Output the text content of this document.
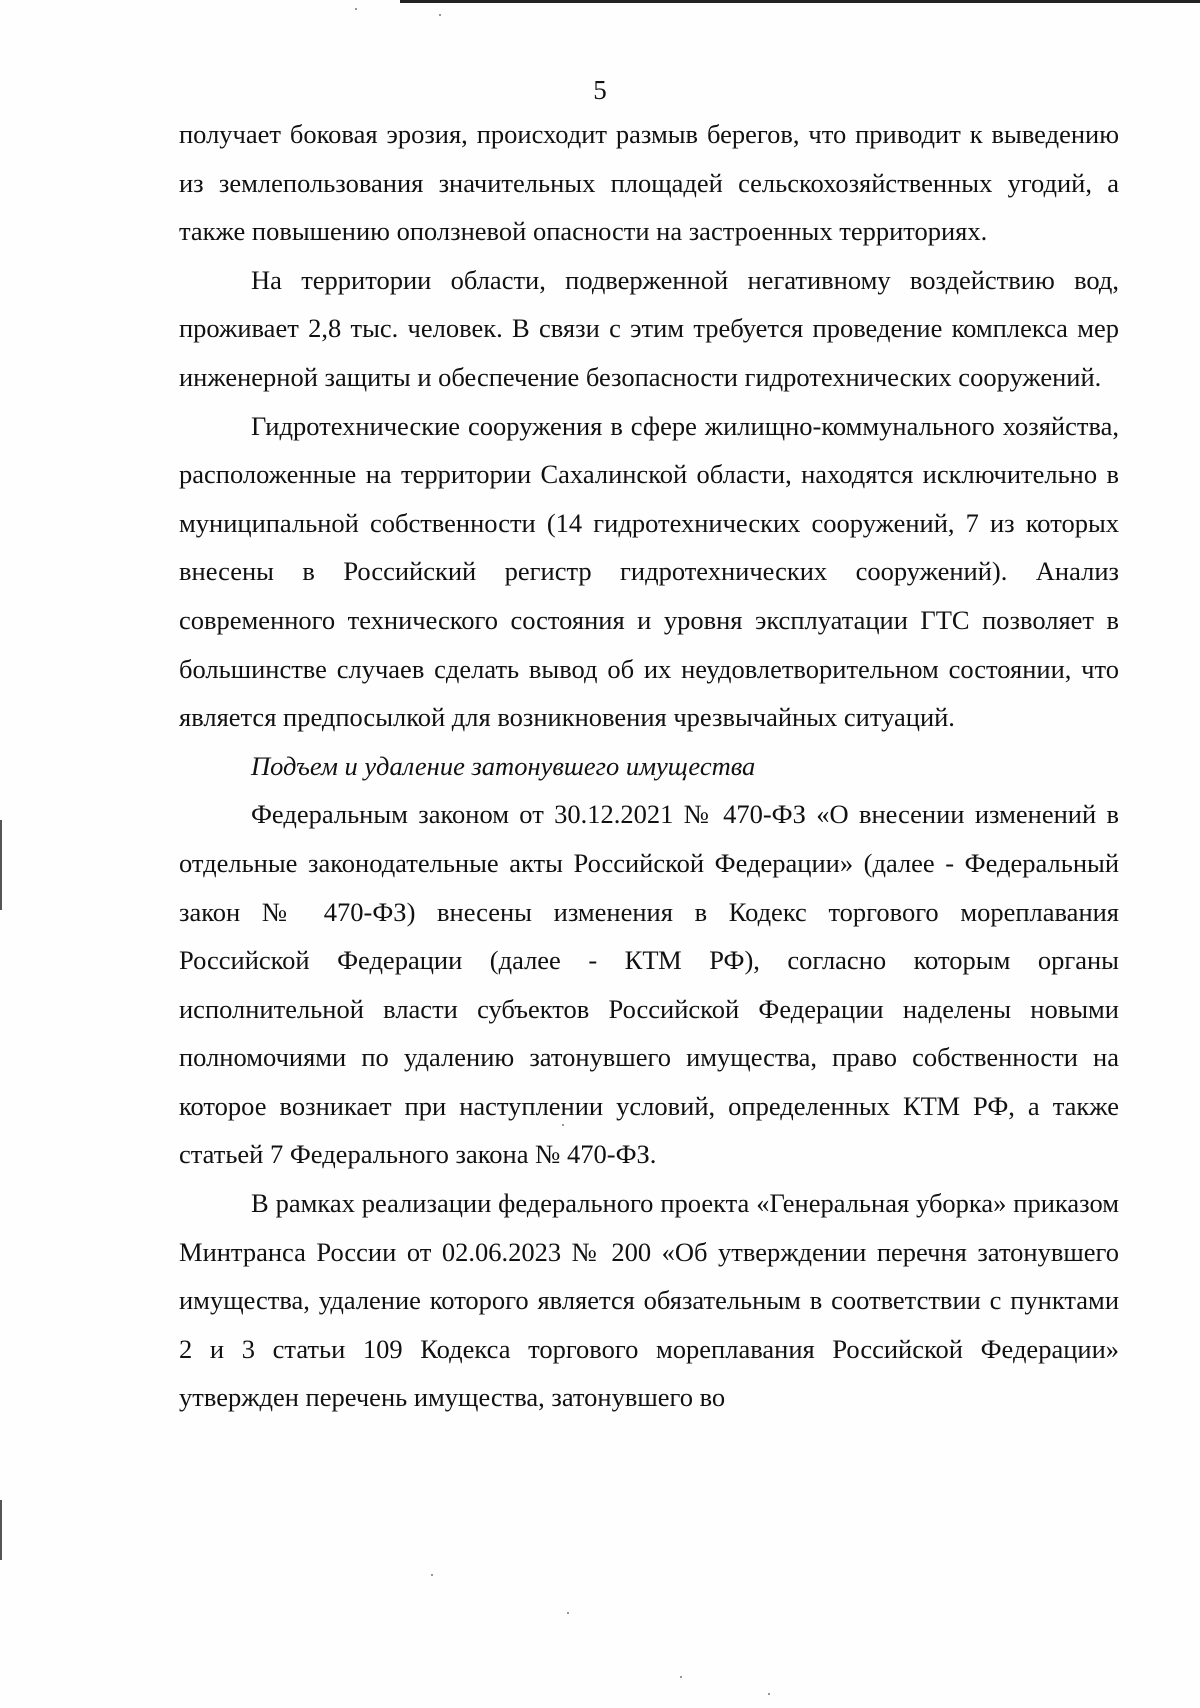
5

получает боковая эрозия, происходит размыв берегов, что приводит к выведению из землепользования значительных площадей сельскохозяйственных угодий, а также повышению оползневой опасности на застроенных территориях.

На территории области, подверженной негативному воздействию вод, проживает 2,8 тыс. человек. В связи с этим требуется проведение комплекса мер инженерной защиты и обеспечение безопасности гидротехнических сооружений.

Гидротехнические сооружения в сфере жилищно-коммунального хозяйства, расположенные на территории Сахалинской области, находятся исключительно в муниципальной собственности (14 гидротехнических сооружений, 7 из которых внесены в Российский регистр гидротехнических сооружений). Анализ современного технического состояния и уровня эксплуатации ГТС позволяет в большинстве случаев сделать вывод об их неудовлетворительном состоянии, что является предпосылкой для возникновения чрезвычайных ситуаций.

Подъем и удаление затонувшего имущества

Федеральным законом от 30.12.2021 № 470-ФЗ «О внесении изменений в отдельные законодательные акты Российской Федерации» (далее - Федеральный закон № 470-ФЗ) внесены изменения в Кодекс торгового мореплавания Российской Федерации (далее - КТМ РФ), согласно которым органы исполнительной власти субъектов Российской Федерации наделены новыми полномочиями по удалению затонувшего имущества, право собственности на которое возникает при наступлении условий, определенных КТМ РФ, а также статьей 7 Федерального закона № 470-ФЗ.

В рамках реализации федерального проекта «Генеральная уборка» приказом Минтранса России от 02.06.2023 № 200 «Об утверждении перечня затонувшего имущества, удаление которого является обязательным в соответствии с пунктами 2 и 3 статьи 109 Кодекса торгового мореплавания Российской Федерации» утвержден перечень имущества, затонувшего во
